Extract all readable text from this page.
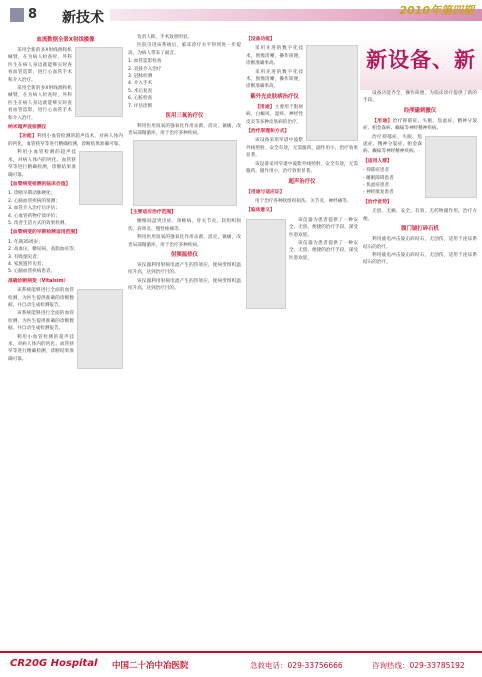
8 新技术	2010年第四期
新设备、新
血流数据全景X射线摄像
采用全新的多X射线源和机械臂，在为病人检查时，外科医生在病人身边就能够实时查看血管造影，进行心血管手术和介入治疗。
采用全新的多X射线源和机械臂，在为病人检查时，外科医生在病人身边就能够实时查看血管造影，进行心血管手术和介入治疗。
纳米超声波检测仪
【功能】利用小血管检测的超声技术，对病人体内的钙化、血管狭窄等进行精确检测，诊断结果准确可靠。
利用小血管检测的超声技术，对病人体内的钙化、血管狭窄等进行精确检测，诊断结果准确可靠。
【血管病变检测的临床价值】
1. 诊断早期动脉硬化；
2. 心脑血管疾病的预测；
3. 血管介入治疗后评估；
4. 心血管药物疗效评价；
5. 改善生活方式的效果检测。
【血管病变的早期检测适用范围】
1. 年满35周岁；
2. 高血压、糖尿病、高脂血症等；
3. 有吸烟史者；
4. 家族遗传史者；
5. 心脑血管疾病患者。
准确诊断病变（Vitalsim）
该系统能够进行全面的血管检测，为医生提供准确的诊断数据，并自动生成检测报告。
该系统能够进行全面的血管检测，为医生提供准确的诊断数据，并自动生成检测报告。
利用小血管检测的超声技术，对病人体内的钙化、血管狭窄等进行精确检测，诊断结果准确可靠。
负责人称，手术效果明显。
医院引进该系统后，临床诊疗水平得到进一步提高，为病人带来了福音。
1. 血管造影检查
2. 直接介入治疗
3. 冠脉检测
4. 介入手术
5. 术后复查
6. 心脏检查
7. 评估诊断
医用三氧治疗仪
利用医用臭氧的强氧化作用杀菌、消炎、镇痛，改善局部微循环，用于治疗多种疾病。
【主要适应治疗范围】
腰椎间盘突出症、颈椎病、骨关节炎、软组织损伤、肩周炎、慢性疼痛等。
利用医用臭氧的强氧化作用杀菌、消炎、镇痛，改善局部微循环，用于治疗多种疾病。
射频温热仪
该仪器利用射频电流产生的热效应，使病变组织温度升高，达到治疗目的。
该仪器利用射频电流产生的热效应，使病变组织温度升高，达到治疗目的。
【设备功能】
采用先进的数字化技术，图像清晰，操作简便，诊断准确率高。
采用先进的数字化技术，图像清晰，操作简便，诊断准确率高。
紫外光皮肤病治疗仪
【用途】主要用于银屑病、白癜风、湿疹、神经性皮炎等多种皮肤病的治疗。
【治疗原理和方式】
该设备采用窄谱中波紫外线照射，安全有效，无需服药，副作用小，治疗效果显著。
该设备采用窄谱中波紫外线照射，安全有效，无需服药，副作用小，治疗效果显著。
超声治疗仪
【用途与适应证】
用于治疗各种软组织损伤、关节炎、神经痛等。
【临床意义】
该仪器为患者提供了一种安全、无创、便捷的治疗手段，深受医患欢迎。
该仪器为患者提供了一种安全、无创、便捷的治疗手段，深受医患欢迎。
设备功能齐全，操作简便，为临床诊疗提供了新的手段。
经颅磁刺激仪
【用途】治疗抑郁症、失眠、焦虑症、精神分裂症、帕金森病、癫痫等神经精神疾病。
治疗抑郁症、失眠、焦虑症、精神分裂症、帕金森病、癫痫等神经精神疾病。
【适用人群】
- 抑郁症患者
- 睡眠障碍患者
- 焦虑症患者
- 神经康复患者
【治疗优势】
无创、无痛、安全、有效，无药物副作用，治疗方便。
腹门镜打碎石机
利用液电冲击波击碎结石，无创伤，适用于泌尿系结石的治疗。
利用液电冲击波击碎结石，无创伤，适用于泌尿系结石的治疗。
CR20G Hospital 中国二十冶中冶医院	急救电话：029-33756666	咨询热线：029-33785192
